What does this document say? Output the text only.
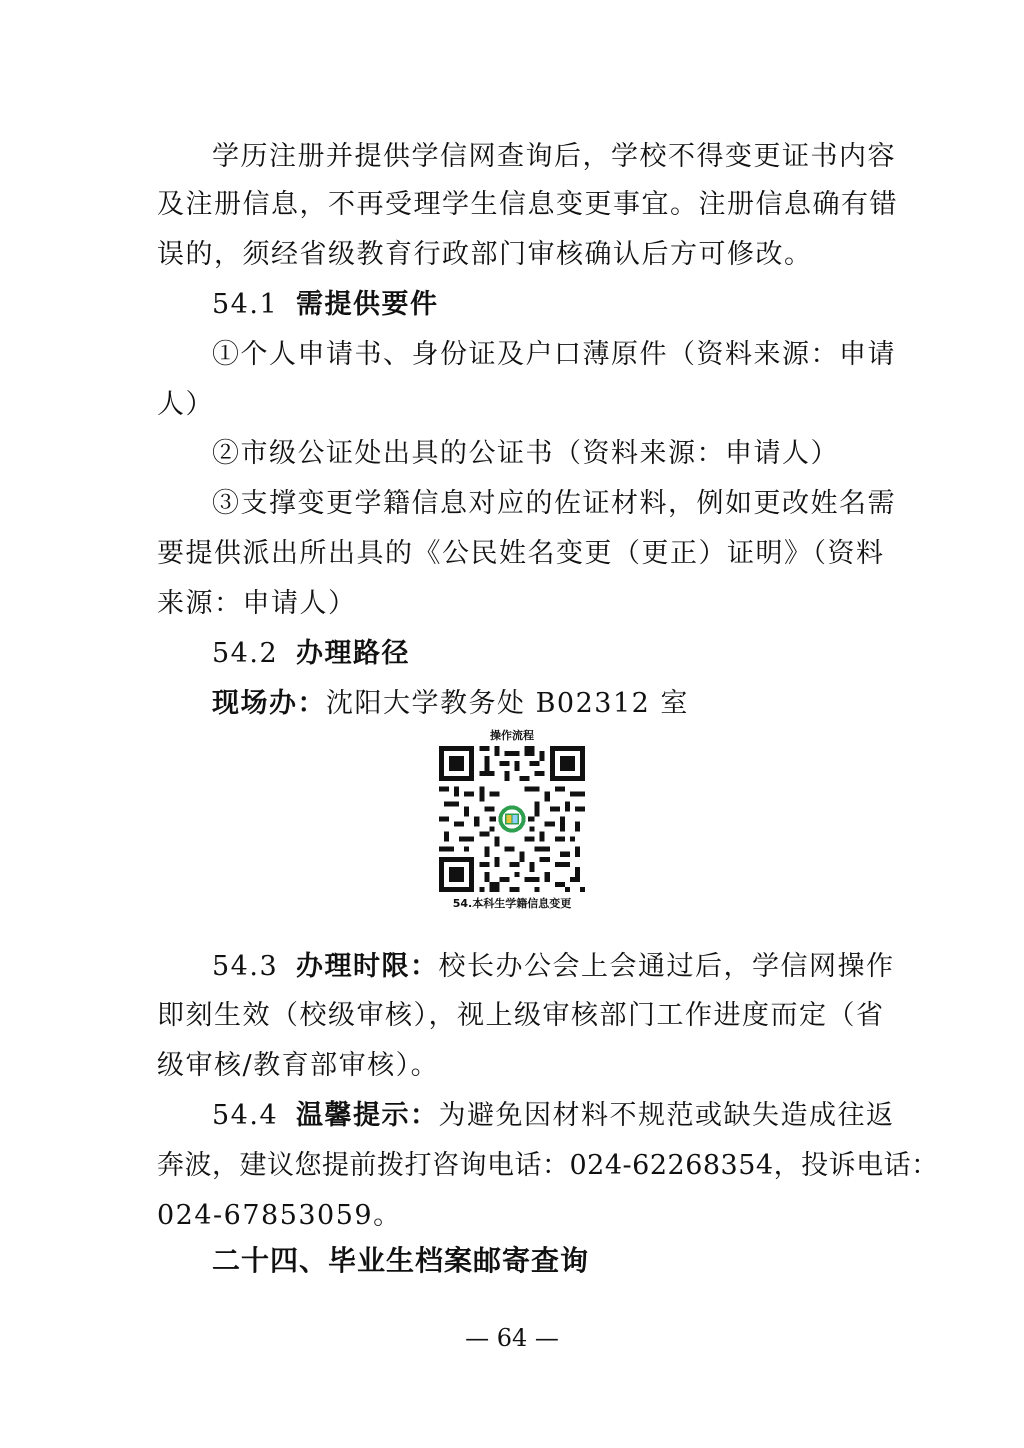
学历注册并提供学信网查询后，学校不得变更证书内容
及注册信息，不再受理学生信息变更事宜。注册信息确有错
误的，须经省级教育行政部门审核确认后方可修改。
54.1 需提供要件
①个人申请书、身份证及户口薄原件（资料来源：申请
人）
②市级公证处出具的公证书（资料来源：申请人）
③支撑变更学籍信息对应的佐证材料，例如更改姓名需
要提供派出所出具的《公民姓名变更（更正）证明》（资料
来源：申请人）
54.2 办理路径
现场办：沈阳大学教务处 B02312 室
操作流程
54.本科生学籍信息变更
54.3 办理时限：校长办公会上会通过后，学信网操作
即刻生效（校级审核），视上级审核部门工作进度而定（省
级审核/教育部审核）。
54.4 温馨提示：为避免因材料不规范或缺失造成往返
奔波，建议您提前拨打咨询电话：024-62268354，投诉电话：
024-67853059。
二十四、毕业生档案邮寄查询
— 64 —
